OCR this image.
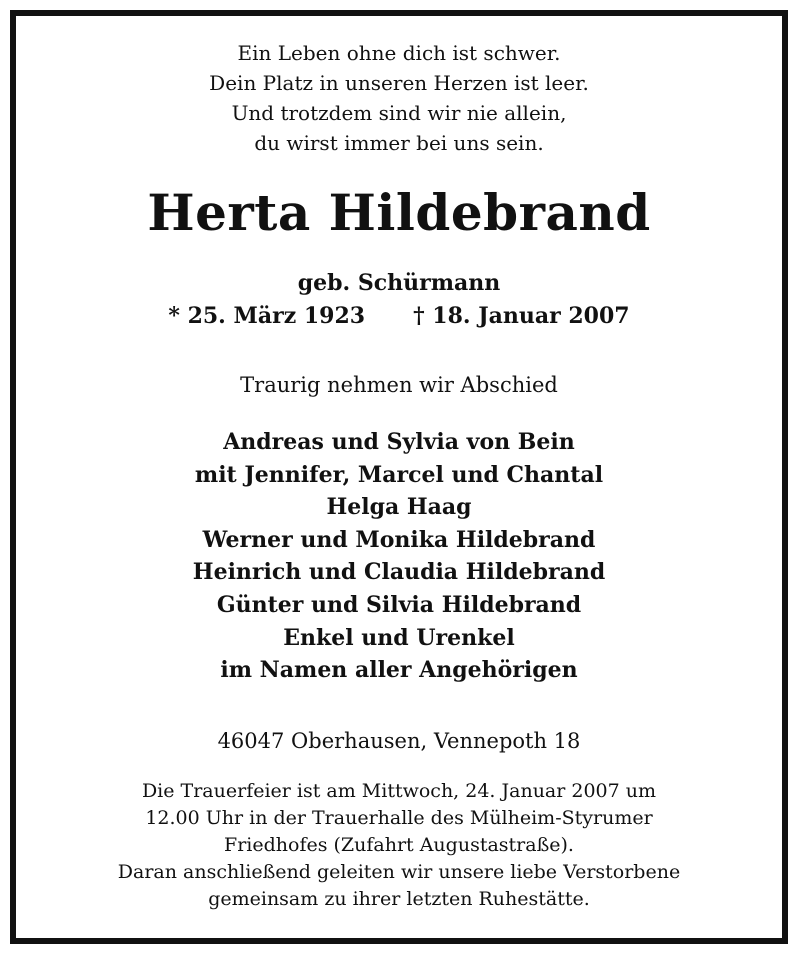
Ein Leben ohne dich ist schwer.
Dein Platz in unseren Herzen ist leer.
Und trotzdem sind wir nie allein,
du wirst immer bei uns sein.
Herta Hildebrand
geb. Schürmann
* 25. März 1923 † 18. Januar 2007
Traurig nehmen wir Abschied
Andreas und Sylvia von Bein
mit Jennifer, Marcel und Chantal
Helga Haag
Werner und Monika Hildebrand
Heinrich und Claudia Hildebrand
Günter und Silvia Hildebrand
Enkel und Urenkel
im Namen aller Angehörigen
46047 Oberhausen, Vennepoth 18
Die Trauerfeier ist am Mittwoch, 24. Januar 2007 um
12.00 Uhr in der Trauerhalle des Mülheim-Styrumer
Friedhofes (Zufahrt Augustastraße).
Daran anschließend geleiten wir unsere liebe Verstorbene
gemeinsam zu ihrer letzten Ruhestätte.
